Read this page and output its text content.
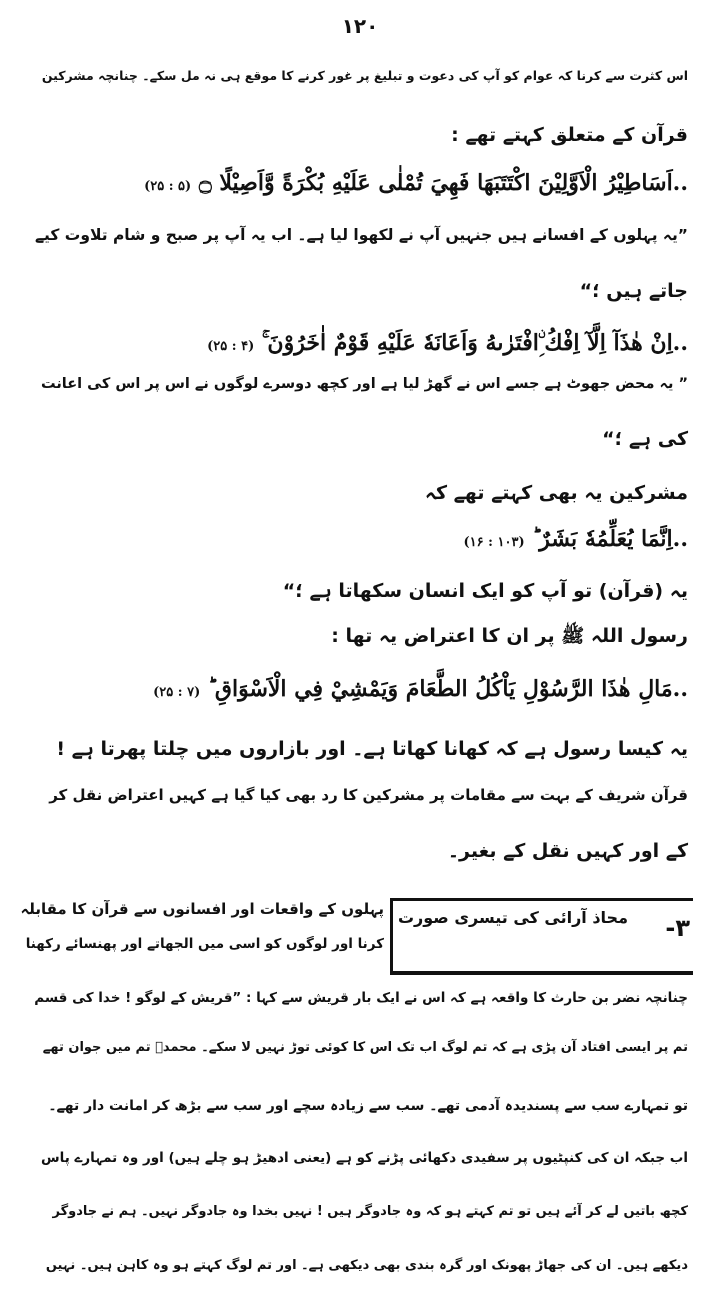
۱۲۰
اس کثرت سے کرنا کہ عوام کو آپ کی دعوت و تبلیغ پر غور کرنے کا موقع ہی نہ مل سکے۔ چنانچہ مشرکین
قرآن کے متعلق کہتے تھے :
..اَسَاطِيْرُ الْاَوَّلِيْنَ اكْتَتَبَهَا فَهِيَ تُمْلٰى عَلَيْهِ بُكْرَةً وَّاَصِيْلًا ۝ (۲۵ : ۵)
”یہ پہلوں کے افسانے ہیں جنہیں آپ نے لکھوا لیا ہے۔ اب یہ آپ پر صبح و شام تلاوت کیے
جاتے ہیں ؛“
..اِنْ هٰذَآ اِلَّآ اِفْكُ ِۨافْتَرٰىهُ وَاَعَانَهٗ عَلَيْهِ قَوْمٌ اٰخَرُوْنَ ۚ (۲۵ : ۴)
” یہ محض جھوٹ ہے جسے اس نے گھڑ لیا ہے اور کچھ دوسرے لوگوں نے اس پر اس کی اعانت
کی ہے ؛“
مشرکین یہ بھی کہتے تھے کہ
..اِنَّمَا يُعَلِّمُهٗ بَشَرٌ ؕ (۱۶ : ۱۰۳)
یہ (قرآن) تو آپ کو ایک انسان سکھاتا ہے ؛“
رسول اللہ ﷺ پر ان کا اعتراض یہ تھا :
..مَالِ هٰذَا الرَّسُوْلِ يَاْكُلُ الطَّعَامَ وَيَمْشِيْ فِي الْاَسْوَاقِ ؕ (۲۵ : ۷)
یہ کیسا رسول ہے کہ کھانا کھاتا ہے۔ اور بازاروں میں چلتا پھرتا ہے !
قرآن شریف کے بہت سے مقامات پر مشرکین کا رد بھی کیا گیا ہے کہیں اعتراض نقل کر
کے اور کہیں نقل کے بغیر۔
۳-
محاذ آرائی کی تیسری صورت
پہلوں کے واقعات اور افسانوں سے قرآن کا مقابلہ
کرنا اور لوگوں کو اسی میں الجھاتے اور پھنسائے رکھنا
چنانچہ نضر بن حارث کا واقعہ ہے کہ اس نے ایک بار قریش سے کہا : ”قریش کے لوگو ! خدا کی قسم
تم پر ایسی افتاد آن پڑی ہے کہ تم لوگ اب تک اس کا کوئی توڑ نہیں لا سکے۔ محمدؐ تم میں جوان تھے
تو تمہارے سب سے پسندیدہ آدمی تھے۔ سب سے زیادہ سچے اور سب سے بڑھ کر امانت دار تھے۔
اب جبکہ ان کی کنپٹیوں پر سفیدی دکھائی پڑنے کو ہے (یعنی ادھیڑ ہو چلے ہیں) اور وہ تمہارے پاس
کچھ باتیں لے کر آئے ہیں تو تم کہتے ہو کہ وہ جادوگر ہیں ! نہیں بخدا وہ جادوگر نہیں۔ ہم نے جادوگر
دیکھے ہیں۔ ان کی جھاڑ پھونک اور گرہ بندی بھی دیکھی ہے۔ اور تم لوگ کہتے ہو وہ کاہن ہیں۔ نہیں
